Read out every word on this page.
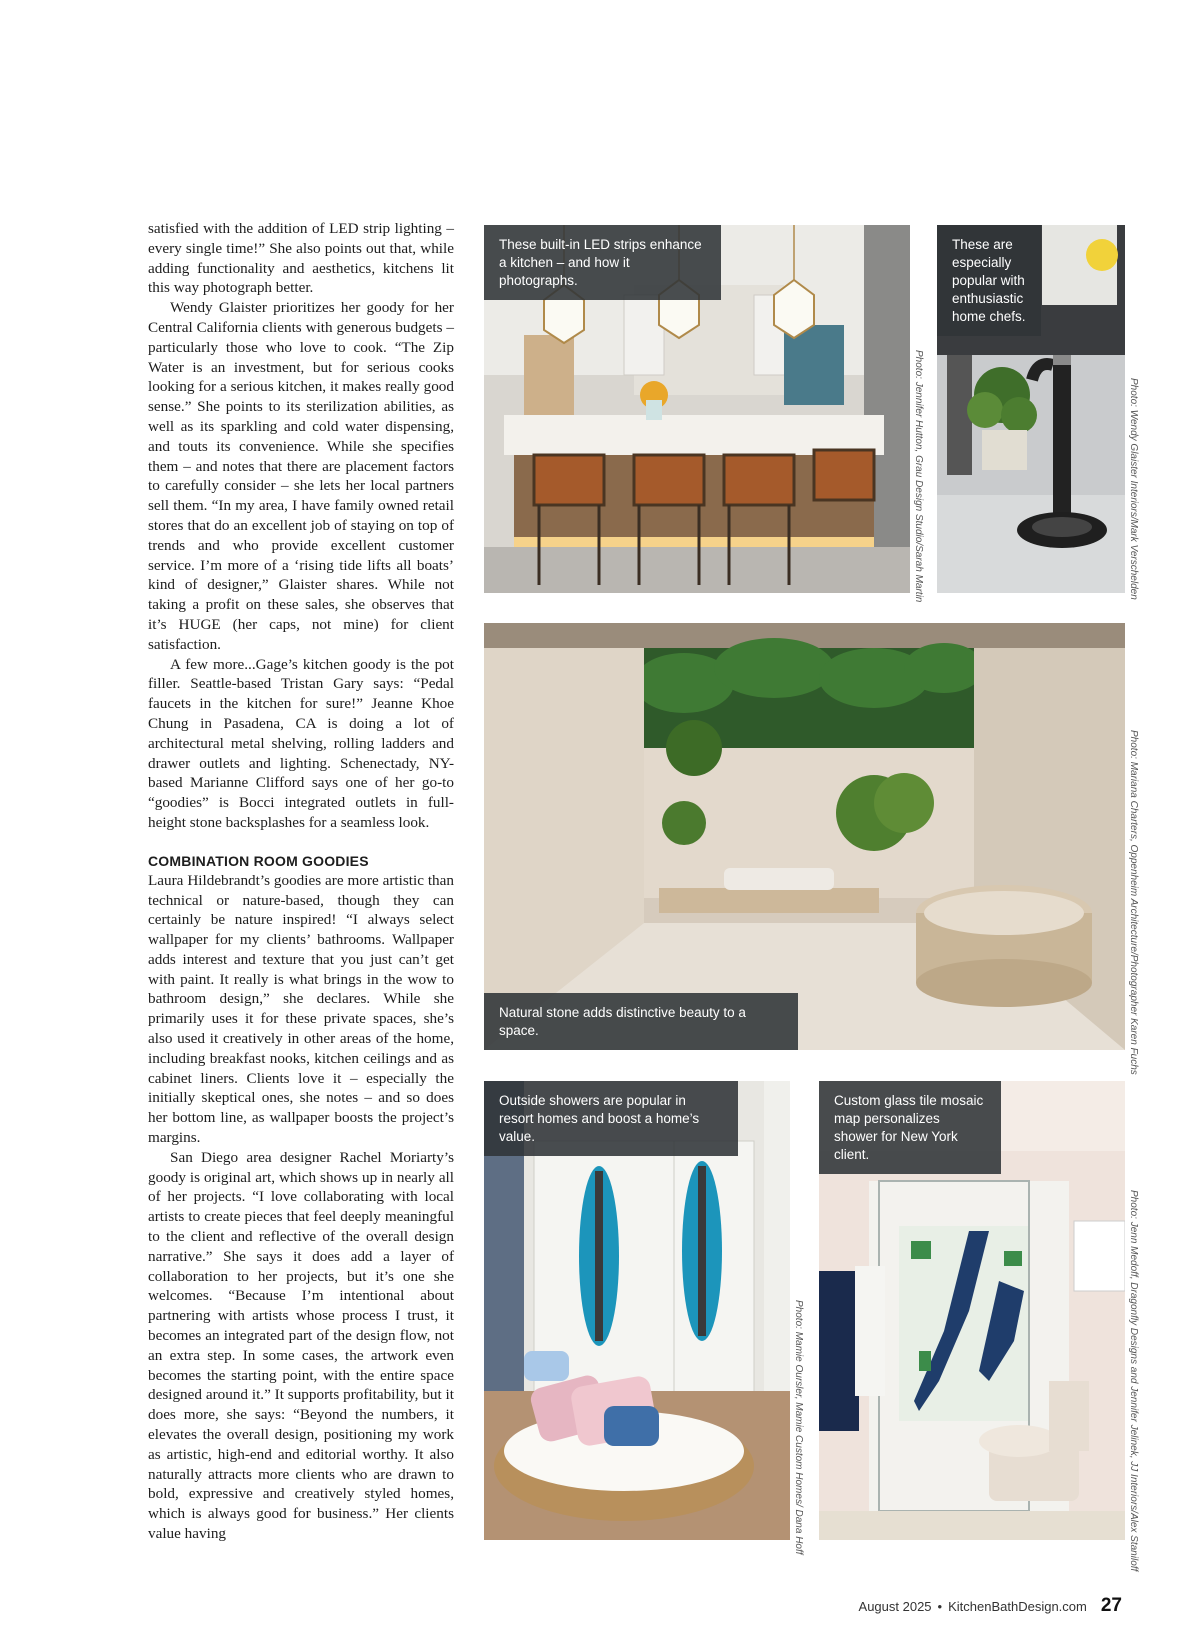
satisfied with the addition of LED strip lighting – every single time!” She also points out that, while adding functionality and aesthetics, kitchens lit this way photograph better.

Wendy Glaister prioritizes her goody for her Central California clients with generous budgets – particularly those who love to cook. “The Zip Water is an investment, but for serious cooks looking for a serious kitchen, it makes really good sense.” She points to its sterilization abilities, as well as its sparkling and cold water dispensing, and touts its convenience. While she specifies them – and notes that there are placement factors to carefully consider – she lets her local partners sell them. “In my area, I have family owned retail stores that do an excellent job of staying on top of trends and who provide excellent customer service. I’m more of a ‘rising tide lifts all boats’ kind of designer,” Glaister shares. While not taking a profit on these sales, she observes that it’s HUGE (her caps, not mine) for client satisfaction.

A few more...Gage’s kitchen goody is the pot filler. Seattle-based Tristan Gary says: “Pedal faucets in the kitchen for sure!” Jeanne Khoe Chung in Pasadena, CA is doing a lot of architectural metal shelving, rolling ladders and drawer outlets and lighting. Schenectady, NY-based Marianne Clifford says one of her go-to “goodies” is Bocci integrated outlets in full-height stone backsplashes for a seamless look.

COMBINATION ROOM GOODIES

Laura Hildebrandt’s goodies are more artistic than technical or nature-based, though they can certainly be nature inspired! “I always select wallpaper for my clients’ bathrooms. Wallpaper adds interest and texture that you just can’t get with paint. It really is what brings in the wow to bathroom design,” she declares. While she primarily uses it for these private spaces, she’s also used it creatively in other areas of the home, including breakfast nooks, kitchen ceilings and as cabinet liners. Clients love it – especially the initially skeptical ones, she notes – and so does her bottom line, as wallpaper boosts the project’s margins.

San Diego area designer Rachel Moriarty’s goody is original art, which shows up in nearly all of her projects. “I love collaborating with local artists to create pieces that feel deeply meaningful to the client and reflective of the overall design narrative.” She says it does add a layer of collaboration to her projects, but it’s one she welcomes. “Because I’m intentional about partnering with artists whose process I trust, it becomes an integrated part of the design flow, not an extra step. In some cases, the artwork even becomes the starting point, with the entire space designed around it.” It supports profitability, but it does more, she says: “Beyond the numbers, it elevates the overall design, positioning my work as artistic, high-end and editorial worthy. It also naturally attracts more clients who are drawn to bold, expressive and creatively styled homes, which is always good for business.” Her clients value having

These built-in LED strips enhance a kitchen – and how it photographs.
Photo: Jennifer Hutton, Grau Design Studio/Sarah Martin
These are especially popular with enthusiastic home chefs.
Photo: Wendy Glaister Interiors/Mark Verschelden
Natural stone adds distinctive beauty to a space.	Photo: Mariana Charters, Oppenheim Architecture/Photographer Karen Fuchs
Outside showers are popular in resort homes and boost a home’s value.
Photo: Mamie Oursler, Mamie Custom Homes/ Dana Hoff
Custom glass tile mosaic map personalizes shower for New York client.
Photo: Jenn Medoff, Dragonfly Designs and Jennifer Jelinek, JJ Interiors/Alex Staniloff
August 2025 • KitchenBathDesign.com 27
